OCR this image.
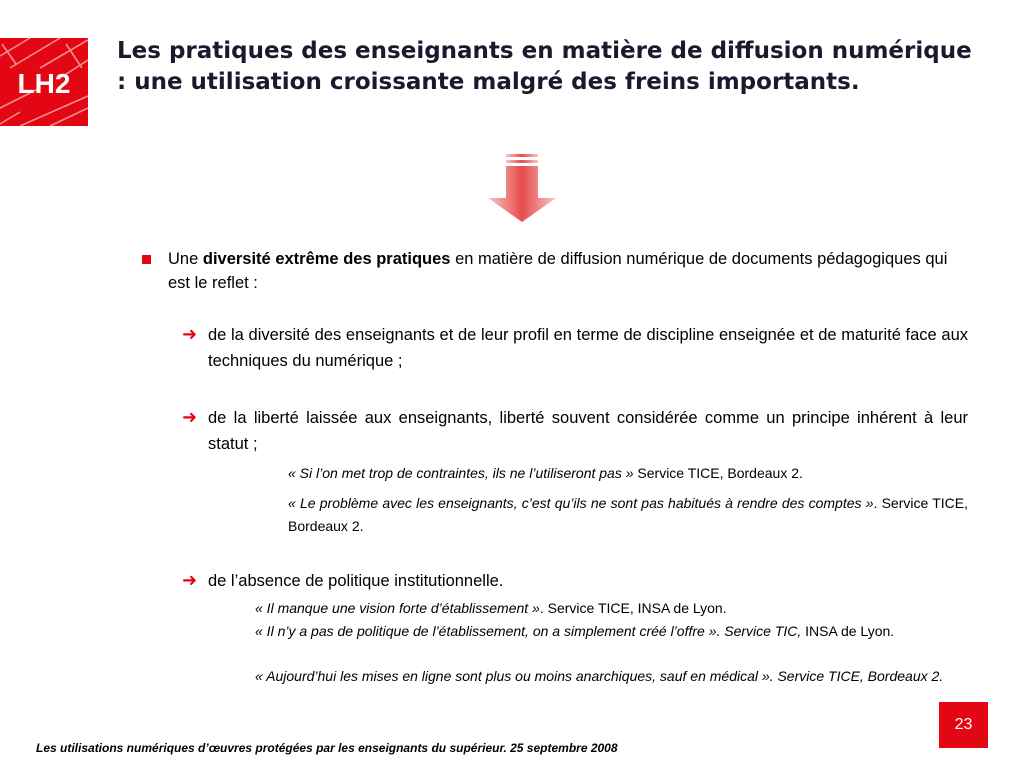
LH2
Les pratiques des enseignants en matière de diffusion numérique : une utilisation croissante malgré des freins importants.
Une diversité extrême des pratiques en matière de diffusion numérique de documents pédagogiques qui est le reflet :
➜ de la diversité des enseignants et de leur profil en terme de discipline enseignée et de maturité face aux techniques du numérique ;
➜ de la liberté laissée aux enseignants, liberté souvent considérée comme un principe inhérent à leur statut ;
« Si l’on met trop de contraintes, ils ne l’utiliseront pas » Service TICE, Bordeaux 2.
« Le problème avec les enseignants, c’est qu’ils ne sont pas habitués à rendre des comptes ». Service TICE, Bordeaux 2.
➜ de l’absence de politique institutionnelle.
« Il manque une vision forte d’établissement ». Service TICE, INSA de Lyon.
« Il n’y a pas de politique de l’établissement, on a simplement créé l’offre ». Service TIC, INSA de Lyon.
« Aujourd’hui les mises en ligne sont plus ou moins anarchiques, sauf en médical ». Service TICE, Bordeaux 2.
Les utilisations numériques d’œuvres protégées par les enseignants du supérieur. 25 septembre 2008
23
